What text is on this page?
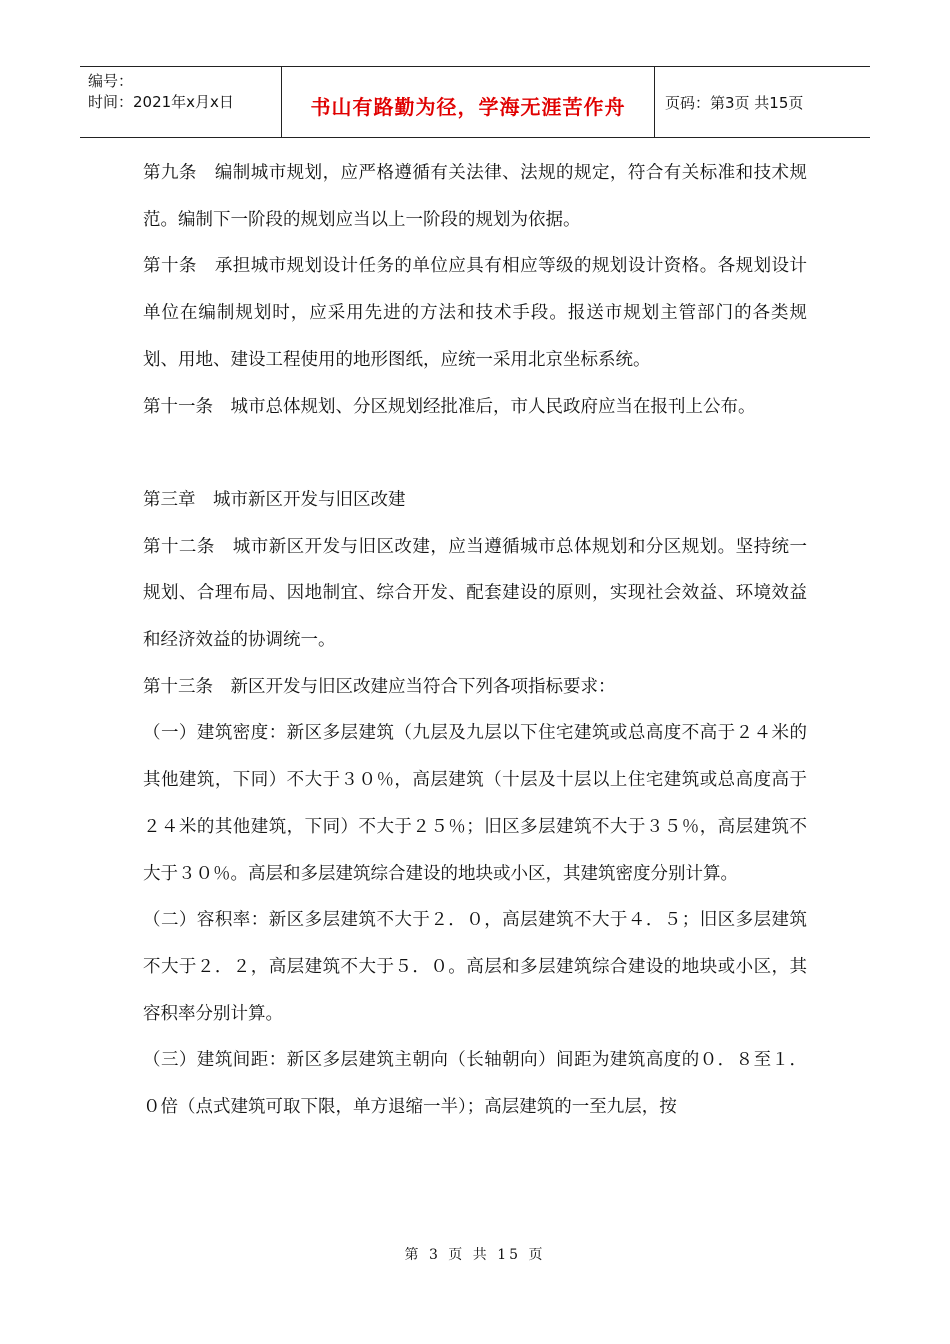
编号：
时间：2021年x月x日	书山有路勤为径，学海无涯苦作舟	页码：第3页 共15页

第九条　编制城市规划，应严格遵循有关法律、法规的规定，符合有关标准和技术规范。编制下一阶段的规划应当以上一阶段的规划为依据。

第十条　承担城市规划设计任务的单位应具有相应等级的规划设计资格。各规划设计单位在编制规划时，应采用先进的方法和技术手段。报送市规划主管部门的各类规划、用地、建设工程使用的地形图纸，应统一采用北京坐标系统。

第十一条　城市总体规划、分区规划经批准后，市人民政府应当在报刊上公布。

第三章　城市新区开发与旧区改建

第十二条　城市新区开发与旧区改建，应当遵循城市总体规划和分区规划。坚持统一规划、合理布局、因地制宜、综合开发、配套建设的原则，实现社会效益、环境效益和经济效益的协调统一。

第十三条　新区开发与旧区改建应当符合下列各项指标要求：

（一）建筑密度：新区多层建筑（九层及九层以下住宅建筑或总高度不高于２４米的其他建筑，下同）不大于３０％，高层建筑（十层及十层以上住宅建筑或总高度高于２４米的其他建筑，下同）不大于２５％；旧区多层建筑不大于３５％，高层建筑不大于３０％。高层和多层建筑综合建设的地块或小区，其建筑密度分别计算。

（二）容积率：新区多层建筑不大于２．０，高层建筑不大于４．５；旧区多层建筑不大于２．２，高层建筑不大于５．０。高层和多层建筑综合建设的地块或小区，其容积率分别计算。

（三）建筑间距：新区多层建筑主朝向（长轴朝向）间距为建筑高度的０．８至１．０倍（点式建筑可取下限，单方退缩一半）；高层建筑的一至九层，按

第 3 页 共 15 页
